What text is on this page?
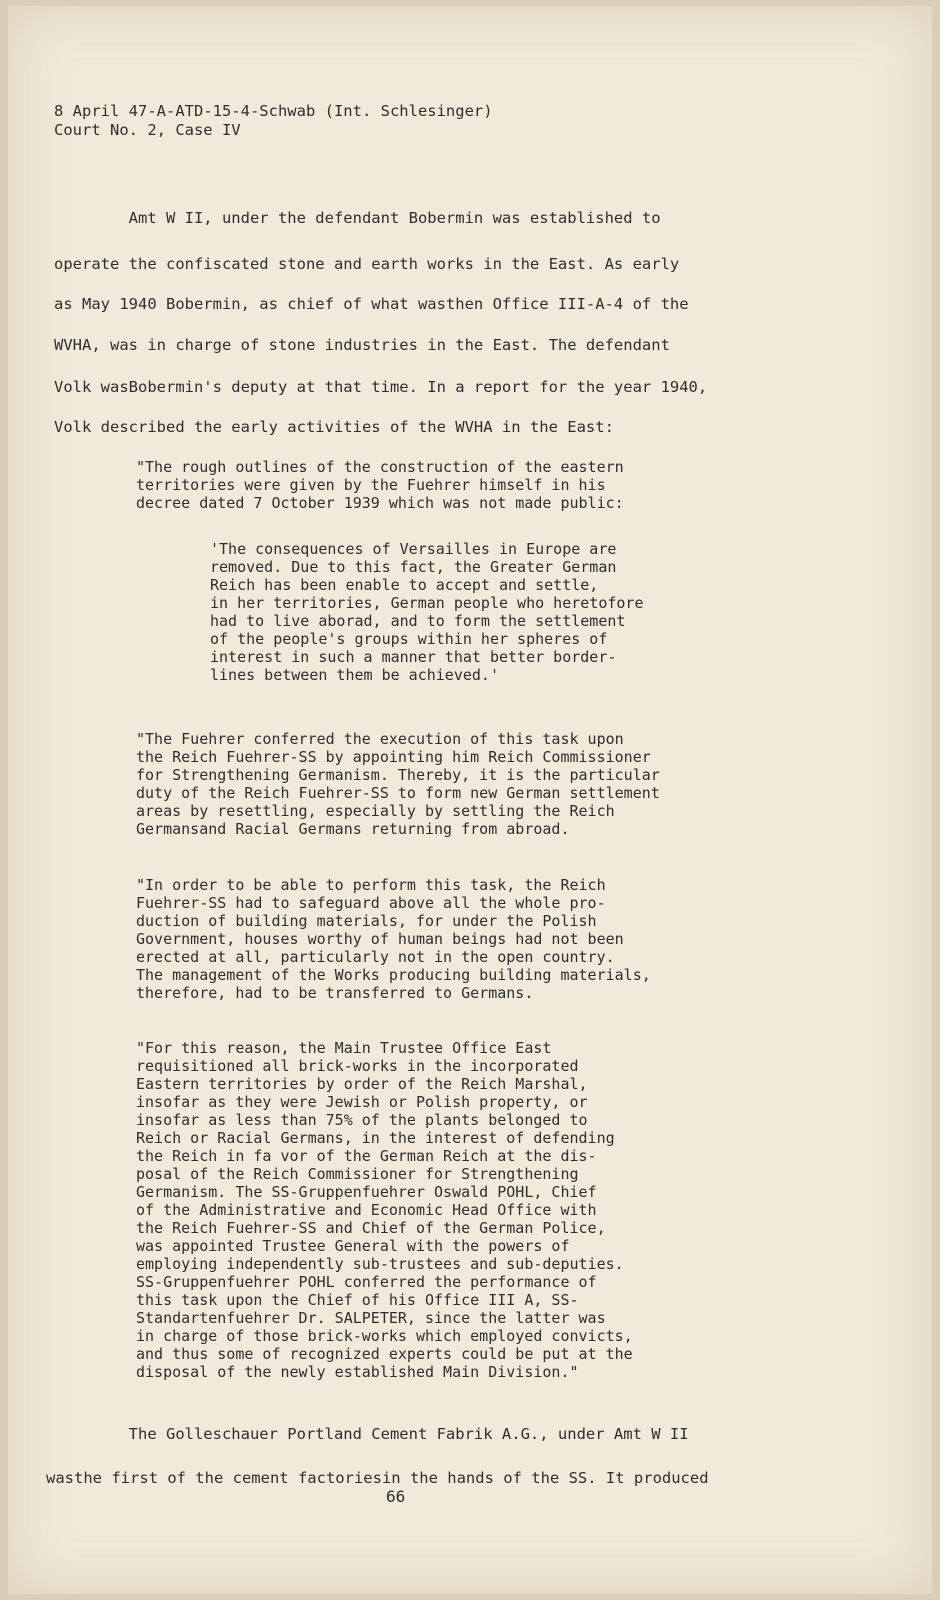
8 April 47-A-ATD-15-4-Schwab (Int. Schlesinger)
Court No. 2, Case IV
Amt W II, under the defendant Bobermin was established to
operate the confiscated stone and earth works in the East. As early
as May 1940 Bobermin, as chief of what wasthen Office III-A-4 of the
WVHA, was in charge of stone industries in the East. The defendant
Volk wasBobermin's deputy at that time. In a report for the year 1940,
Volk described the early activities of the WVHA in the East:
"The rough outlines of the construction of the eastern
territories were given by the Fuehrer himself in his
decree dated 7 October 1939 which was not made public:
'The consequences of Versailles in Europe are
removed. Due to this fact, the Greater German
Reich has been enable to accept and settle,
in her territories, German people who heretofore
had to live aborad, and to form the settlement
of the people's groups within her spheres of
interest in such a manner that better border-
lines between them be achieved.'
"The Fuehrer conferred the execution of this task upon
the Reich Fuehrer-SS by appointing him Reich Commissioner
for Strengthening Germanism. Thereby, it is the particular
duty of the Reich Fuehrer-SS to form new German settlement
areas by resettling, especially by settling the Reich
Germansand Racial Germans returning from abroad.
"In order to be able to perform this task, the Reich
Fuehrer-SS had to safeguard above all the whole pro-
duction of building materials, for under the Polish
Government, houses worthy of human beings had not been
erected at all, particularly not in the open country.
The management of the Works producing building materials,
therefore, had to be transferred to Germans.
"For this reason, the Main Trustee Office East
requisitioned all brick-works in the incorporated
Eastern territories by order of the Reich Marshal,
insofar as they were Jewish or Polish property, or
insofar as less than 75% of the plants belonged to
Reich or Racial Germans, in the interest of defending
the Reich in fa vor of the German Reich at the dis-
posal of the Reich Commissioner for Strengthening
Germanism. The SS-Gruppenfuehrer Oswald POHL, Chief
of the Administrative and Economic Head Office with
the Reich Fuehrer-SS and Chief of the German Police,
was appointed Trustee General with the powers of
employing independently sub-trustees and sub-deputies.
SS-Gruppenfuehrer POHL conferred the performance of
this task upon the Chief of his Office III A, SS-
Standartenfuehrer Dr. SALPETER, since the latter was
in charge of those brick-works which employed convicts,
and thus some of recognized experts could be put at the
disposal of the newly established Main Division."
The Golleschauer Portland Cement Fabrik A.G., under Amt W II
wasthe first of the cement factoriesin the hands of the SS. It produced
66
